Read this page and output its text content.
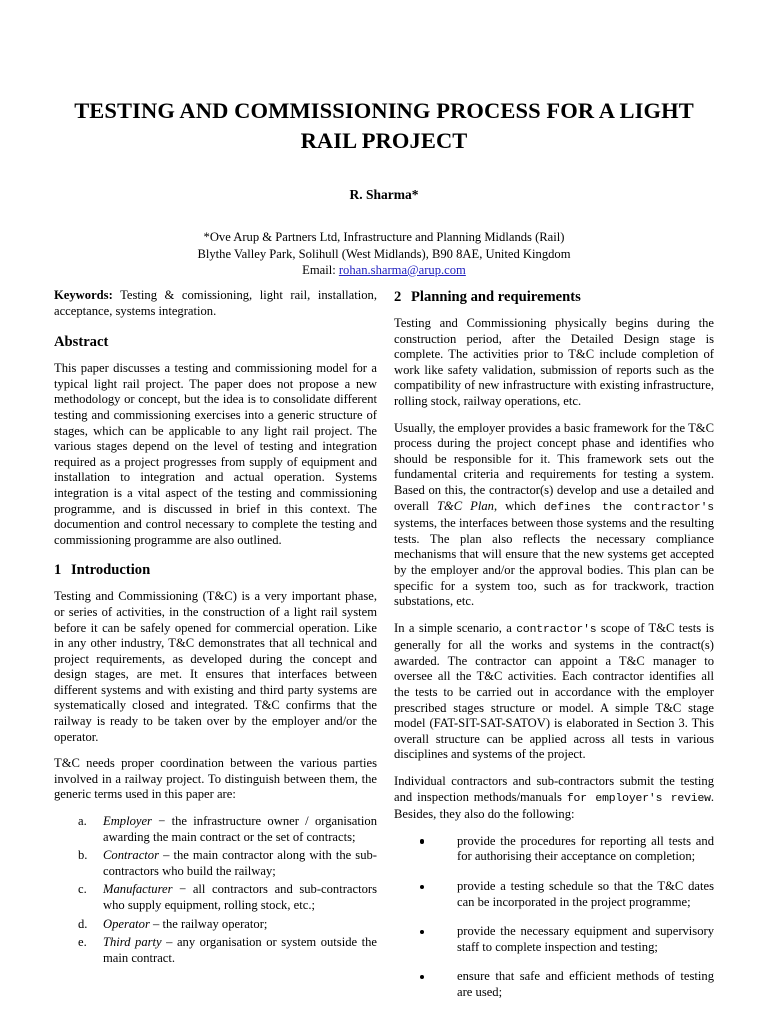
TESTING AND COMMISSIONING PROCESS FOR A LIGHT RAIL PROJECT
R. Sharma*
*Ove Arup & Partners Ltd, Infrastructure and Planning Midlands (Rail)
Blythe Valley Park, Solihull (West Midlands), B90 8AE, United Kingdom
Email: rohan.sharma@arup.com

Keywords: Testing & comissioning, light rail, installation, acceptance, systems integration.

Abstract

This paper discusses a testing and commissioning model for a typical light rail project. The paper does not propose a new methodology or concept, but the idea is to consolidate different testing and commissioning exercises into a generic structure of stages, which can be applicable to any light rail project. The various stages depend on the level of testing and integration required as a project progresses from supply of equipment and installation to integration and actual operation. Systems integration is a vital aspect of the testing and commissioning programme, and is discussed in brief in this context. The documention and control necessary to complete the testing and commissioning programme are also outlined.

1 Introduction

Testing and Commissioning (T&C) is a very important phase, or series of activities, in the construction of a light rail system before it can be safely opened for commercial operation. Like in any other industry, T&C demonstrates that all technical and project requirements, as developed during the concept and design stages, are met. It ensures that interfaces between different systems and with existing and third party systems are systematically closed and integrated. T&C confirms that the railway is ready to be taken over by the employer and/or the operator.

T&C needs proper coordination between the various parties involved in a railway project. To distinguish between them, the generic terms used in this paper are:

a.	Employer − the infrastructure owner / organisation awarding the main contract or the set of contracts;
b.	Contractor – the main contractor along with the sub-contractors who build the railway;
c.	Manufacturer − all contractors and sub-contractors who supply equipment, rolling stock, etc.;
d.	Operator – the railway operator;
e.	Third party – any organisation or system outside the main contract.
2 Planning and requirements

Testing and Commissioning physically begins during the construction period, after the Detailed Design stage is complete. The activities prior to T&C include completion of work like safety validation, submission of reports such as the compatibility of new infrastructure with existing infrastructure, rolling stock, railway operations, etc.

Usually, the employer provides a basic framework for the T&C process during the project concept phase and identifies who should be responsible for it. This framework sets out the fundamental criteria and requirements for testing a system. Based on this, the contractor(s) develop and use a detailed and overall T&C Plan, which defines the contractor's systems, the interfaces between those systems and the resulting tests. The plan also reflects the necessary compliance mechanisms that will ensure that the new systems get accepted by the employer and/or the approval bodies. This plan can be specific for a system too, such as for trackwork, traction substations, etc.

In a simple scenario, a contractor's scope of T&C tests is generally for all the works and systems in the contract(s) awarded. The contractor can appoint a T&C manager to oversee all the T&C activities. Each contractor identifies all the tests to be carried out in accordance with the employer prescribed stages structure or model. A simple T&C stage model (FAT-SIT-SAT-SATOV) is elaborated in Section 3. This overall structure can be applied across all tests in various disciplines and systems of the project.

Individual contractors and sub-contractors submit the testing and inspection methods/manuals for employer's review. Besides, they also do the following:

provide the procedures for reporting all tests and for authorising their acceptance on completion;
provide a testing schedule so that the T&C dates can be incorporated in the project programme;
provide the necessary equipment and supervisory staff to complete inspection and testing;
ensure that safe and efficient methods of testing are used;
